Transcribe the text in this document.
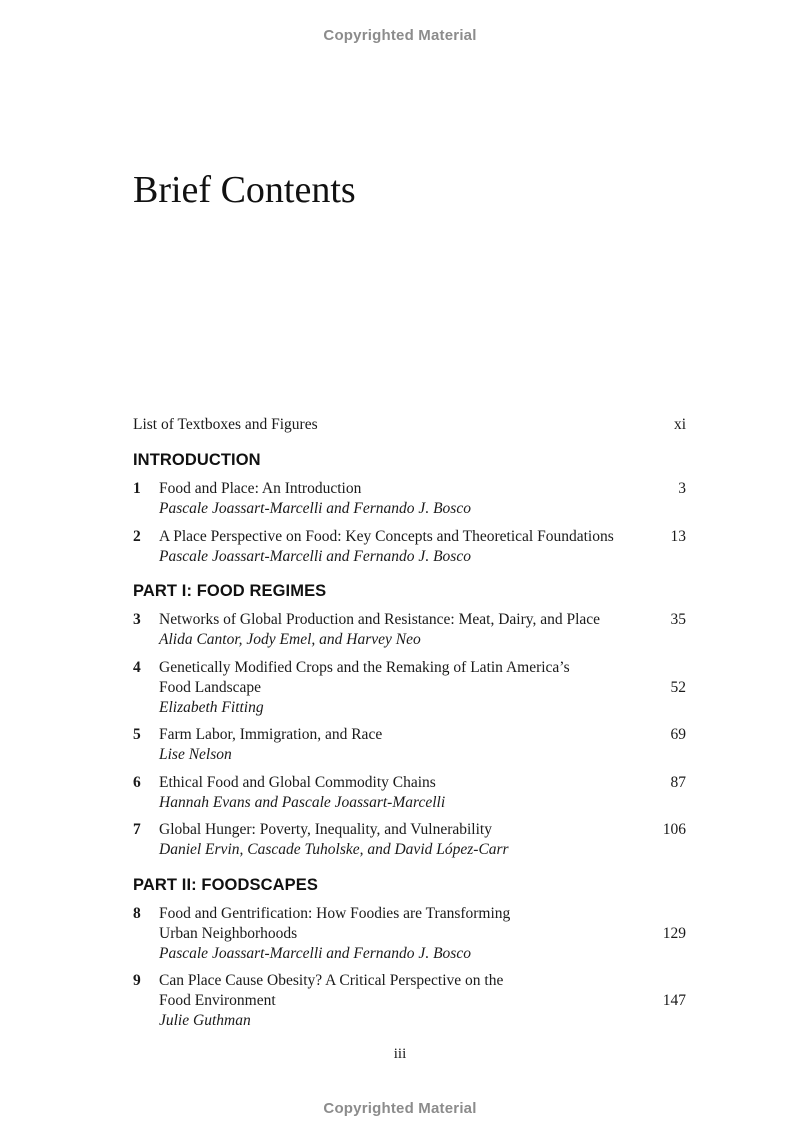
Copyrighted Material
Brief Contents
List of Textboxes and Figures	xi
INTRODUCTION
1 Food and Place: An Introduction	3
Pascale Joassart-Marcelli and Fernando J. Bosco
2 A Place Perspective on Food: Key Concepts and Theoretical Foundations	13
Pascale Joassart-Marcelli and Fernando J. Bosco
PART I: FOOD REGIMES
3 Networks of Global Production and Resistance: Meat, Dairy, and Place	35
Alida Cantor, Jody Emel, and Harvey Neo
4 Genetically Modified Crops and the Remaking of Latin America’s
Food Landscape	52
Elizabeth Fitting
5 Farm Labor, Immigration, and Race	69
Lise Nelson
6 Ethical Food and Global Commodity Chains	87
Hannah Evans and Pascale Joassart-Marcelli
7 Global Hunger: Poverty, Inequality, and Vulnerability	106
Daniel Ervin, Cascade Tuholske, and David López-Carr
PART II: FOODSCAPES
8 Food and Gentrification: How Foodies are Transforming
Urban Neighborhoods	129
Pascale Joassart-Marcelli and Fernando J. Bosco
9 Can Place Cause Obesity? A Critical Perspective on the
Food Environment	147
Julie Guthman
iii
Copyrighted Material
